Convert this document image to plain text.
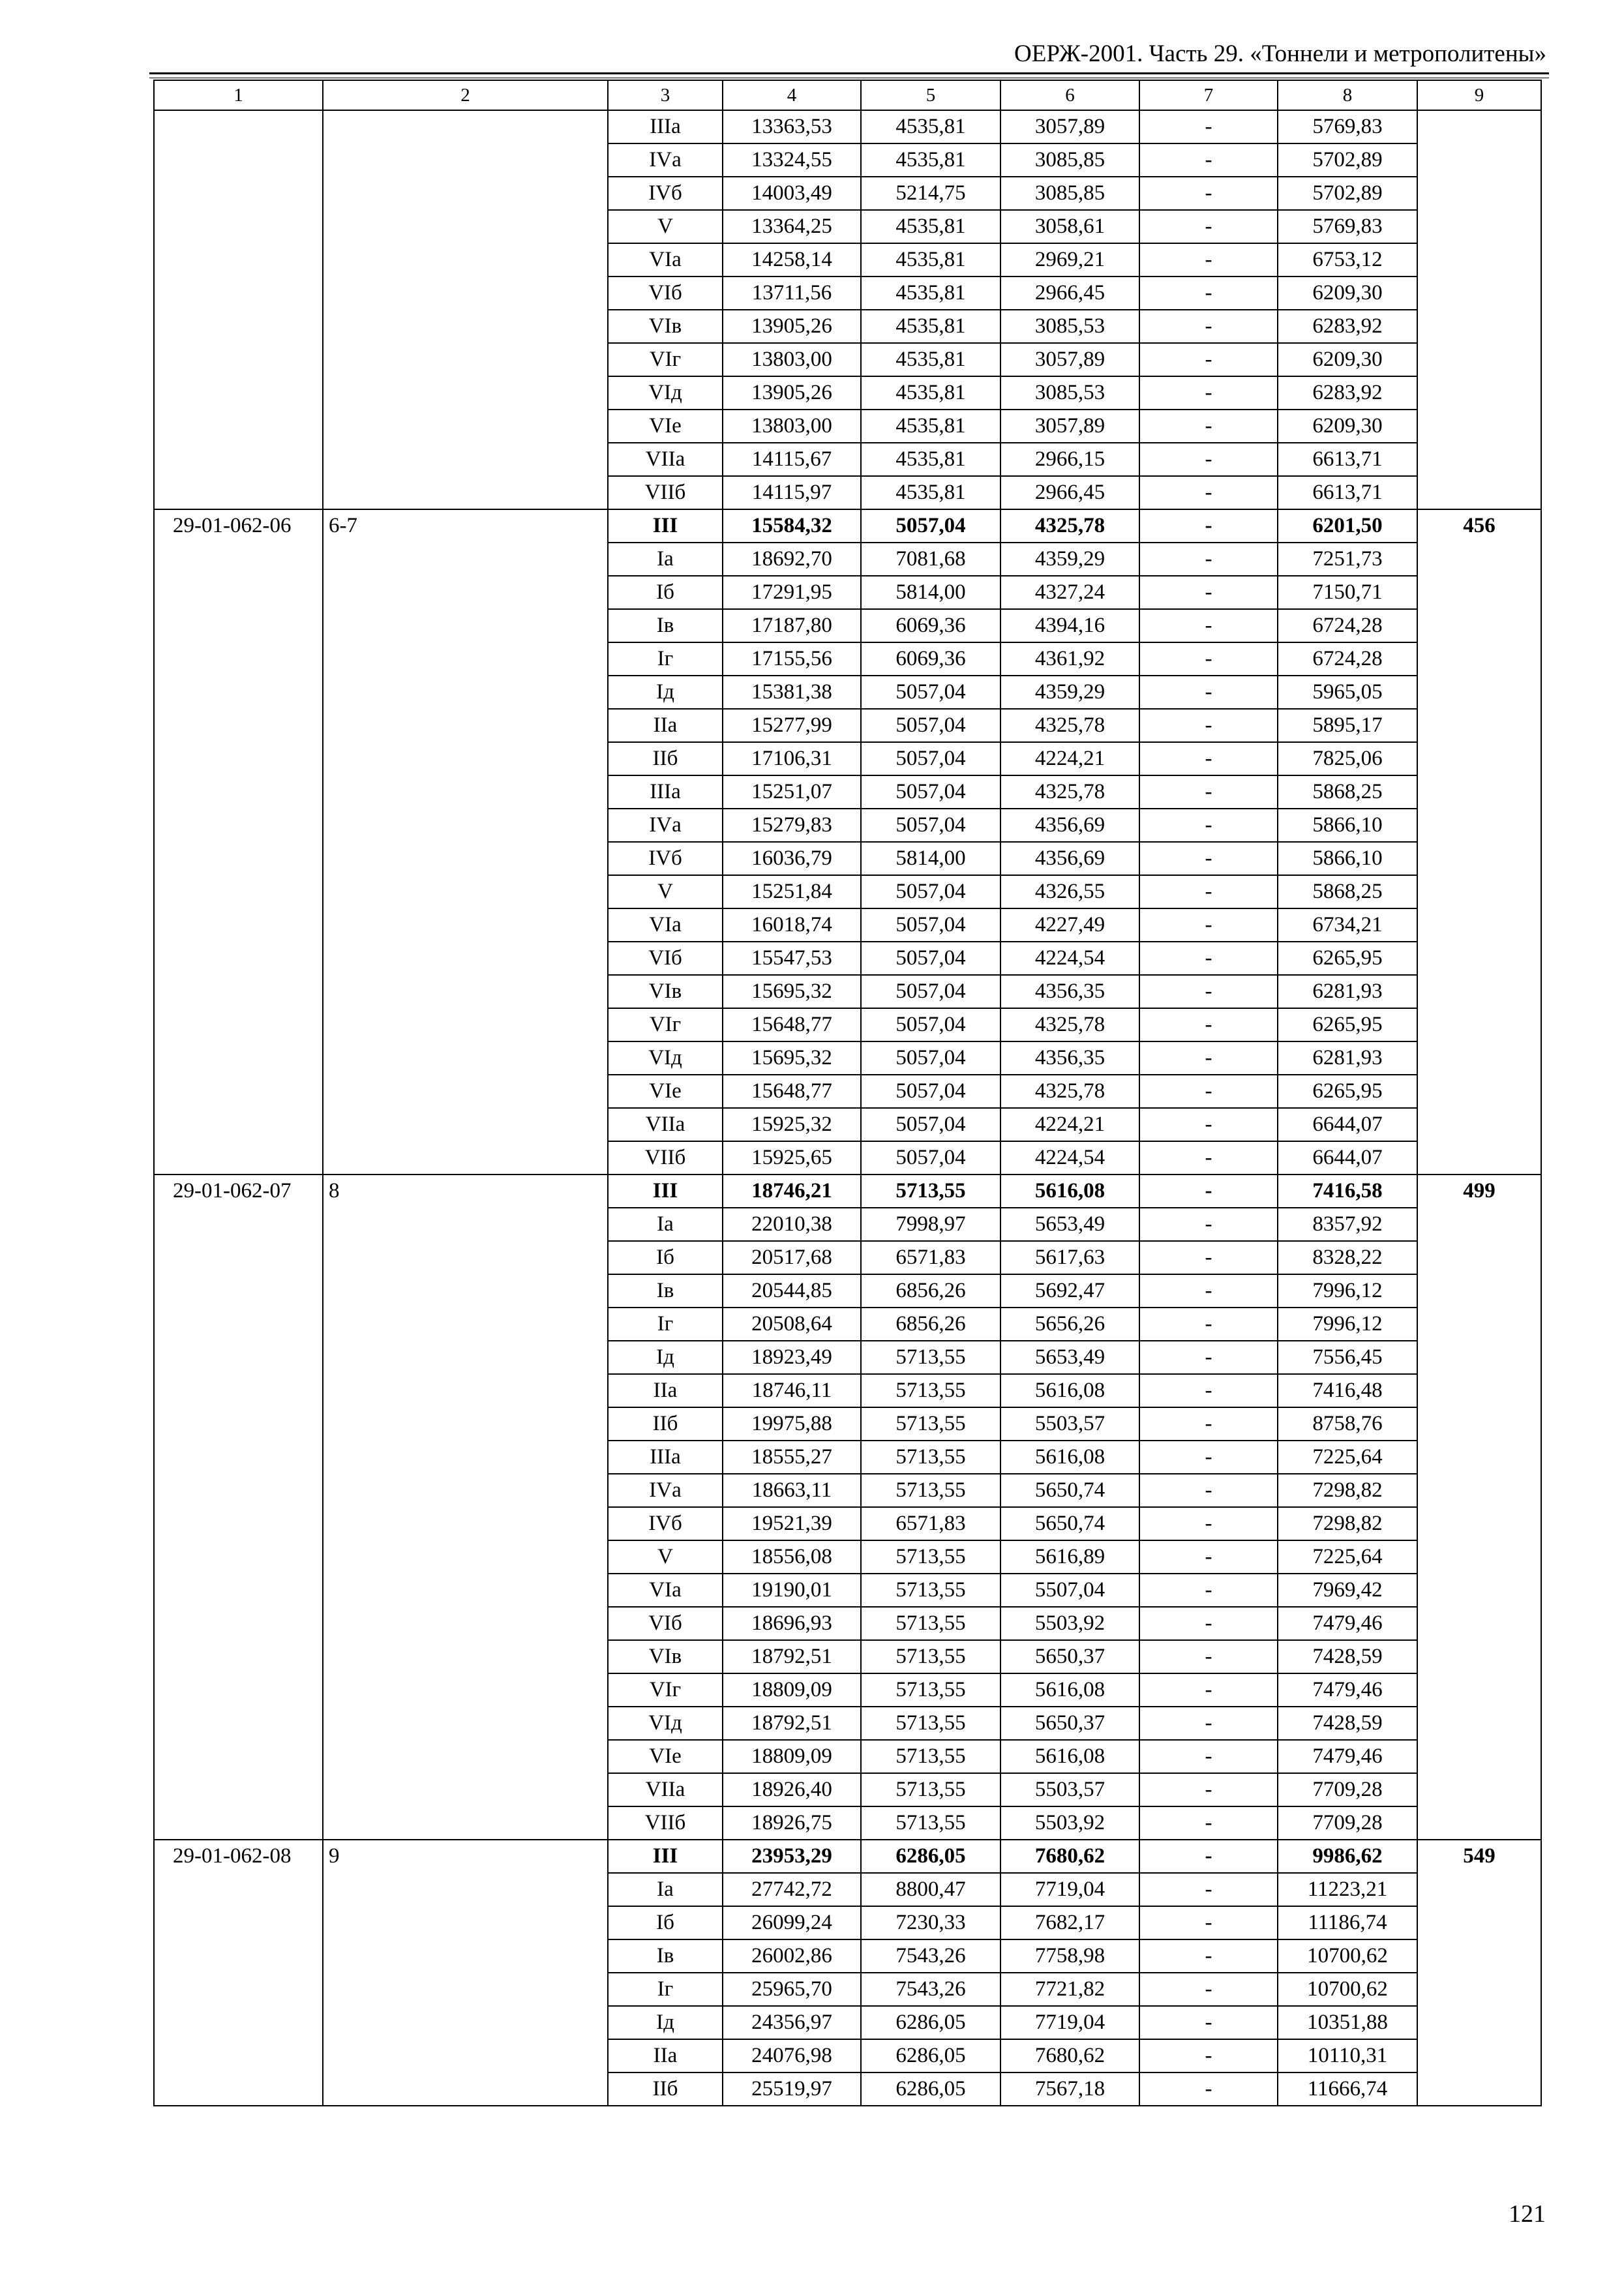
ОЕРЖ-2001. Часть 29. «Тоннели и метрополитены»
1	2	3	4	5	6	7	8	9
		IIIа	13363,53	4535,81	3057,89	-	5769,83	
		IVа	13324,55	4535,81	3085,85	-	5702,89	
		IVб	14003,49	5214,75	3085,85	-	5702,89	
		V	13364,25	4535,81	3058,61	-	5769,83	
		VIа	14258,14	4535,81	2969,21	-	6753,12	
		VIб	13711,56	4535,81	2966,45	-	6209,30	
		VIв	13905,26	4535,81	3085,53	-	6283,92	
		VIг	13803,00	4535,81	3057,89	-	6209,30	
		VIд	13905,26	4535,81	3085,53	-	6283,92	
		VIе	13803,00	4535,81	3057,89	-	6209,30	
		VIIа	14115,67	4535,81	2966,15	-	6613,71	
		VIIб	14115,97	4535,81	2966,45	-	6613,71	
29-01-062-06	6-7	III	15584,32	5057,04	4325,78	-	6201,50	456
		Iа	18692,70	7081,68	4359,29	-	7251,73	
		Iб	17291,95	5814,00	4327,24	-	7150,71	
		Iв	17187,80	6069,36	4394,16	-	6724,28	
		Iг	17155,56	6069,36	4361,92	-	6724,28	
		Iд	15381,38	5057,04	4359,29	-	5965,05	
		IIа	15277,99	5057,04	4325,78	-	5895,17	
		IIб	17106,31	5057,04	4224,21	-	7825,06	
		IIIа	15251,07	5057,04	4325,78	-	5868,25	
		IVа	15279,83	5057,04	4356,69	-	5866,10	
		IVб	16036,79	5814,00	4356,69	-	5866,10	
		V	15251,84	5057,04	4326,55	-	5868,25	
		VIа	16018,74	5057,04	4227,49	-	6734,21	
		VIб	15547,53	5057,04	4224,54	-	6265,95	
		VIв	15695,32	5057,04	4356,35	-	6281,93	
		VIг	15648,77	5057,04	4325,78	-	6265,95	
		VIд	15695,32	5057,04	4356,35	-	6281,93	
		VIе	15648,77	5057,04	4325,78	-	6265,95	
		VIIа	15925,32	5057,04	4224,21	-	6644,07	
		VIIб	15925,65	5057,04	4224,54	-	6644,07	
29-01-062-07	8	III	18746,21	5713,55	5616,08	-	7416,58	499
		Iа	22010,38	7998,97	5653,49	-	8357,92	
		Iб	20517,68	6571,83	5617,63	-	8328,22	
		Iв	20544,85	6856,26	5692,47	-	7996,12	
		Iг	20508,64	6856,26	5656,26	-	7996,12	
		Iд	18923,49	5713,55	5653,49	-	7556,45	
		IIа	18746,11	5713,55	5616,08	-	7416,48	
		IIб	19975,88	5713,55	5503,57	-	8758,76	
		IIIа	18555,27	5713,55	5616,08	-	7225,64	
		IVа	18663,11	5713,55	5650,74	-	7298,82	
		IVб	19521,39	6571,83	5650,74	-	7298,82	
		V	18556,08	5713,55	5616,89	-	7225,64	
		VIа	19190,01	5713,55	5507,04	-	7969,42	
		VIб	18696,93	5713,55	5503,92	-	7479,46	
		VIв	18792,51	5713,55	5650,37	-	7428,59	
		VIг	18809,09	5713,55	5616,08	-	7479,46	
		VIд	18792,51	5713,55	5650,37	-	7428,59	
		VIе	18809,09	5713,55	5616,08	-	7479,46	
		VIIа	18926,40	5713,55	5503,57	-	7709,28	
		VIIб	18926,75	5713,55	5503,92	-	7709,28	
29-01-062-08	9	III	23953,29	6286,05	7680,62	-	9986,62	549
		Iа	27742,72	8800,47	7719,04	-	11223,21	
		Iб	26099,24	7230,33	7682,17	-	11186,74	
		Iв	26002,86	7543,26	7758,98	-	10700,62	
		Iг	25965,70	7543,26	7721,82	-	10700,62	
		Iд	24356,97	6286,05	7719,04	-	10351,88	
		IIа	24076,98	6286,05	7680,62	-	10110,31	
		IIб	25519,97	6286,05	7567,18	-	11666,74	
121
